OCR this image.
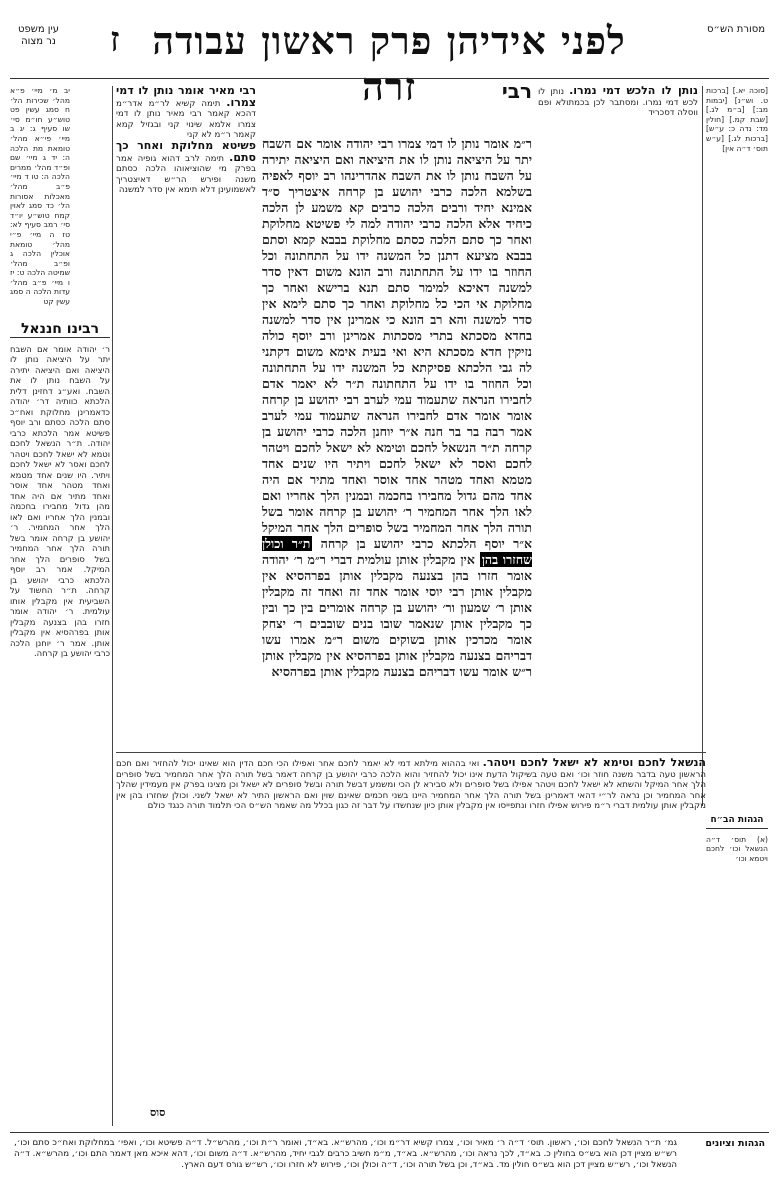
מסורת הש״ס
לפני אידיהן פרק ראשון עבודה זרה
ז
עין משפט
נר מצוה
יב מ׳ מיי׳ פ״א מהל׳ שכירות הל׳ ח סמג עשין פט טוש״ע חו״מ סי׳ שו סעיף ג: יג ב מיי׳ פי״א מהל׳ טומאת מת הלכה ה: יד ג מיי׳ שם ופ״ד מהל׳ ממרים הלכה ה: טו ד מיי׳ פ״ב מהל׳ מאכלות אסורות הל׳ כד סמג לאוין קמח טוש״ע יו״ד סי׳ רמב סעיף לא: טז ה מיי׳ פ״י מהל׳ טומאת אוכלין הלכה ג ופ״ב מהל׳ שמיטה הלכה ט: יז ו מיי׳ פ״ב מהל׳ עדות הלכה ה סמג עשין קט
רבינו חננאל
ר׳ יהודה אומר אם השבח יתר על היציאה נותן לו היציאה ואם היציאה יתירה על השבח נותן לו את השבח. ואע״ג דחזינן דלית הלכתא כוותיה דר׳ יהודה כדאמרינן מחלוקת ואח״כ סתם הלכה כסתם ורב יוסף פשיטא אמר הלכתא כרבי יהודה. ת״ר הנשאל לחכם וטמא לא ישאל לחכם ויטהר לחכם ואסר לא ישאל לחכם ויתיר. היו שנים אחד מטמא ואחד מטהר אחד אוסר ואחד מתיר אם היה אחד מהן גדול מחבירו בחכמה ובמנין הלך אחריו ואם לאו הלך אחר המחמיר. ר׳ יהושע בן קרחה אומר בשל תורה הלך אחר המחמיר בשל סופרים הלך אחר המיקל. אמר רב יוסף הלכתא כרבי יהושע בן קרחה. ת״ר החשוד על השביעית אין מקבלין אותו עולמית. ר׳ יהודה אומר חזרו בהן בצנעה מקבלין אותן בפרהסיא אין מקבלין אותן. אמר ר׳ יוחנן הלכה כרבי יהושע בן קרחה.
רבי מאיר אומר נותן לו דמי צמרו. תימה קשיא לר״מ אדר״מ דהכא קאמר רבי מאיר נותן לו דמי צמרו אלמא שינוי קני ובגזיל קמא קאמר ר״מ לא קני
פשיטא מחלוקת ואחר כך סתם. תימה לרב דהוא גופיה אמר בפרק מי שהוציאוהו הלכה כסתם משנה ופירש הר״ש דאיצטריך לאשמועינן דלא תימא אין סדר למשנה
ר״מ אומר נותן לו דמי צמרו רבי יהודה אומר אם השבח יתר על היציאה נותן לו את היציאה ואם היציאה יתירה על השבח נותן לו את השבח אהדרינהו רב יוסף לאפיה בשלמא הלכה כרבי יהושע בן קרחה איצטריך ס״ד אמינא יחיד ורבים הלכה כרבים קא משמע לן הלכה כיחיד אלא הלכה כרבי יהודה למה לי פשיטא מחלוקת ואחר כך סתם הלכה כסתם מחלוקת בבבא קמא וסתם בבבא מציעא דתנן כל המשנה ידו על התחתונה וכל החוזר בו ידו על התחתונה ורב הונא משום דאין סדר למשנה דאיכא למימר סתם תנא ברישא ואחר כך מחלוקת אי הכי כל מחלוקת ואחר כך סתם לימא אין סדר למשנה והא רב הונא כי אמרינן אין סדר למשנה בחדא מסכתא בתרי מסכתות אמרינן ורב יוסף כולה נזיקין חדא מסכתא היא ואי בעית אימא משום דקתני לה גבי הלכתא פסיקתא כל המשנה ידו על התחתונה וכל החוזר בו ידו על התחתונה ת״ר לא יאמר אדם לחבירו הנראה שתעמוד עמי לערב רבי יהושע בן קרחה אומר אומר אדם לחבירו הנראה שתעמוד עמי לערב אמר רבה בר בר חנה א״ר יוחנן הלכה כרבי יהושע בן קרחה ת״ר הנשאל לחכם וטימא לא ישאל לחכם ויטהר לחכם ואסר לא ישאל לחכם ויתיר היו שנים אחד מטמא ואחד מטהר אחד אוסר ואחד מתיר אם היה אחד מהם גדול מחבירו בחכמה ובמנין הלך אחריו ואם לאו הלך אחר המחמיר ר׳ יהושע בן קרחה אומר בשל תורה הלך אחר המחמיר בשל סופרים הלך אחר המיקל א״ר יוסף הלכתא כרבי יהושע בן קרחה ת״ר וכולן שחזרו בהן אין מקבלין אותן עולמית דברי ר״מ ר׳ יהודה אומר חזרו בהן בצנעה מקבלין אותן בפרהסיא אין מקבלין אותן רבי יוסי אומר אחד זה ואחד זה מקבלין אותן ר׳ שמעון ור׳ יהושע בן קרחה אומרים בין כך ובין כך מקבלין אותן שנאמר שובו בנים שובבים ר׳ יצחק אומר מכרכין אותן בשוקים משום ר״מ אמרו עשו דבריהם בצנעה מקבלין אותן בפרהסיא אין מקבלין אותן ר״ש אומר עשו דבריהם בצנעה מקבלין אותן בפרהסיא
רבי	נותן לו הלכש דמי נמרו. נותן לו לכש דמי נמרו. ומסתבר לכן בכמתולא ופם ווסלה דסכריד
[סוכה יא.] [ברכות ט. וש״נ] [יבמות מב:] [ב״מ לג.] [שבת קמ.] [חולין מד: נדה כ: ע״ש] [ברכות לג.] [ע״ש תוס׳ ד״ה אין]
הנשאל לחכם וטימא לא ישאל לחכם ויטהר. ואי בההוא מילתא דמי לא יאמר לחכם אחר ואפילו הכי חכם הדין הוא שאינו יכול להחזיר ואם חכם הראשון טעה בדבר משנה חוזר וכו׳ ואם טעה בשיקול הדעת אינו יכול להחזיר והוא הלכה כרבי יהושע בן קרחה דאמר בשל תורה הלך אחר המחמיר בשל סופרים הלך אחר המיקל והשתא לא ישאל לחכם ויטהר אפילו בשל סופרים ולא סבירא לן הכי ומשמע דבשל תורה ובשל סופרים לא ישאל וכן מצינו בפרק אין מעמידין שהלך אחר המחמיר וכן נראה לר״י דהאי דאמרינן בשל תורה הלך אחר המחמיר היינו בשני חכמים שאינם שוין ואם הראשון התיר לא ישאל לשני. וכולן שחזרו בהן אין מקבלין אותן עולמית דברי ר״מ פירוש אפילו חזרו ונתפייסו אין מקבלין אותן כיון שנחשדו על דבר זה כגון בכלל מה שאמר הש״ס הכי תלמוד תורה כנגד כולם
הגהות הב״ח
(א) תוס׳ ד״ה הנשאל וכו׳ לחכם ויטמא וכו׳
סוס
הגהות וציונים
גמ׳ ת״ר הנשאל לחכם וכו׳, ראשון. תוס׳ ד״ה ר׳ מאיר וכו׳, צמרו קשיא דר״מ וכו׳, מהרש״א. בא״ד, ואומר ר״ת וכו׳, מהרש״ל. ד״ה פשיטא וכו׳, ואפי׳ במחלוקת ואח״כ סתם וכו׳, רש״ש מציין דכן הוא בש״ס בחולין כ. בא״ד, לכך נראה וכו׳, מהרש״א. בא״ד, מ״מ חשיב כרבים לגבי יחיד, מהרש״א. ד״ה משום וכו׳, דהא איכא מאן דאמר התם וכו׳, מהרש״א. ד״ה הנשאל וכו׳, רש״ש מציין דכן הוא בש״ס חולין מד. בא״ד, וכן בשל תורה וכו׳, ד״ה וכולן וכו׳, פירוש לא חזרו וכו׳, רש״ש גורס דעם הארץ.
